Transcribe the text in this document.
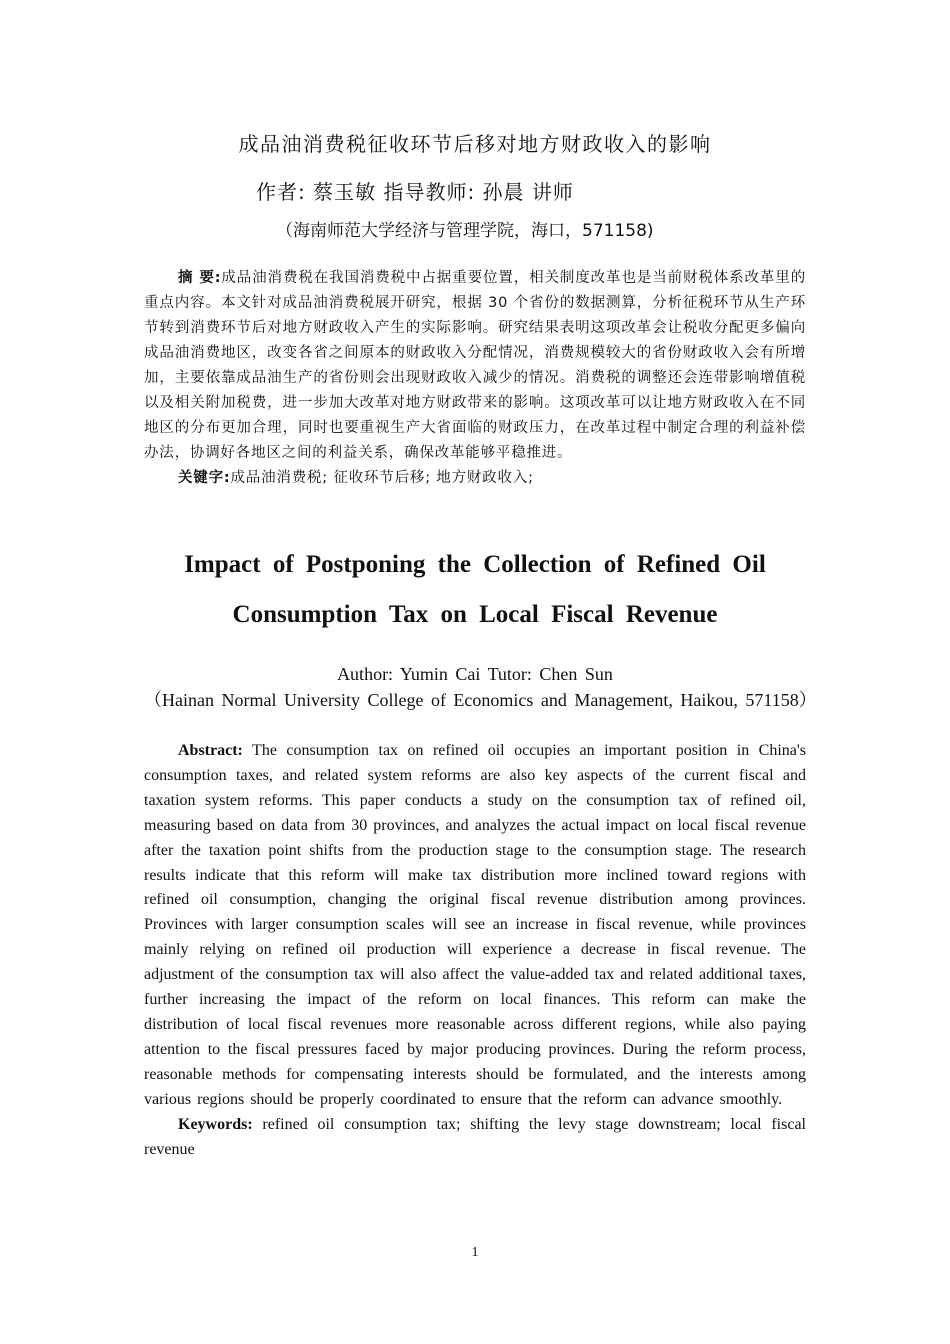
成品油消费税征收环节后移对地方财政收入的影响
作者: 蔡玉敏 指导教师: 孙晨 讲师
（海南师范大学经济与管理学院，海口，571158)

摘 要:成品油消费税在我国消费税中占据重要位置，相关制度改革也是当前财税体系改革里的重点内容。本文针对成品油消费税展开研究，根据 30 个省份的数据测算，分析征税环节从生产环节转到消费环节后对地方财政收入产生的实际影响。研究结果表明这项改革会让税收分配更多偏向成品油消费地区，改变各省之间原本的财政收入分配情况，消费规模较大的省份财政收入会有所增加，主要依靠成品油生产的省份则会出现财政收入减少的情况。消费税的调整还会连带影响增值税以及相关附加税费，进一步加大改革对地方财政带来的影响。这项改革可以让地方财政收入在不同地区的分布更加合理，同时也要重视生产大省面临的财政压力，在改革过程中制定合理的利益补偿办法，协调好各地区之间的利益关系，确保改革能够平稳推进。

关键字:成品油消费税; 征收环节后移; 地方财政收入;

Impact of Postponing the Collection of Refined Oil Consumption Tax on Local Fiscal Revenue
Author: Yumin Cai Tutor: Chen Sun
（Hainan Normal University College of Economics and Management, Haikou, 571158）

Abstract: The consumption tax on refined oil occupies an important position in China's consumption taxes, and related system reforms are also key aspects of the current fiscal and taxation system reforms. This paper conducts a study on the consumption tax of refined oil, measuring based on data from 30 provinces, and analyzes the actual impact on local fiscal revenue after the taxation point shifts from the production stage to the consumption stage. The research results indicate that this reform will make tax distribution more inclined toward regions with refined oil consumption, changing the original fiscal revenue distribution among provinces. Provinces with larger consumption scales will see an increase in fiscal revenue, while provinces mainly relying on refined oil production will experience a decrease in fiscal revenue. The adjustment of the consumption tax will also affect the value-added tax and related additional taxes, further increasing the impact of the reform on local finances. This reform can make the distribution of local fiscal revenues more reasonable across different regions, while also paying attention to the fiscal pressures faced by major producing provinces. During the reform process, reasonable methods for compensating interests should be formulated, and the interests among various regions should be properly coordinated to ensure that the reform can advance smoothly.

Keywords: refined oil consumption tax; shifting the levy stage downstream; local fiscal revenue

1
